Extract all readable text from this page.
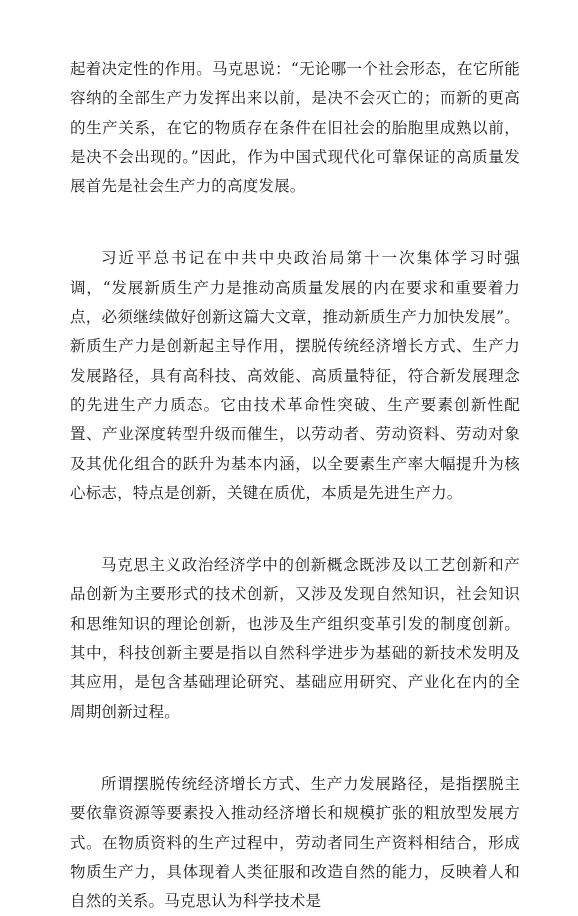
起着决定性的作用。马克思说：“无论哪一个社会形态，在它所能容纳的全部生产力发挥出来以前，是决不会灭亡的；而新的更高的生产关系，在它的物质存在条件在旧社会的胎胞里成熟以前，是决不会出现的。”因此，作为中国式现代化可靠保证的高质量发展首先是社会生产力的高度发展。

习近平总书记在中共中央政治局第十一次集体学习时强调，“发展新质生产力是推动高质量发展的内在要求和重要着力点，必须继续做好创新这篇大文章，推动新质生产力加快发展”。新质生产力是创新起主导作用，摆脱传统经济增长方式、生产力发展路径，具有高科技、高效能、高质量特征，符合新发展理念的先进生产力质态。它由技术革命性突破、生产要素创新性配置、产业深度转型升级而催生，以劳动者、劳动资料、劳动对象及其优化组合的跃升为基本内涵，以全要素生产率大幅提升为核心标志，特点是创新，关键在质优，本质是先进生产力。

马克思主义政治经济学中的创新概念既涉及以工艺创新和产品创新为主要形式的技术创新，又涉及发现自然知识，社会知识和思维知识的理论创新，也涉及生产组织变革引发的制度创新。其中，科技创新主要是指以自然科学进步为基础的新技术发明及其应用，是包含基础理论研究、基础应用研究、产业化在内的全周期创新过程。

所谓摆脱传统经济增长方式、生产力发展路径，是指摆脱主要依靠资源等要素投入推动经济增长和规模扩张的粗放型发展方式。在物质资料的生产过程中，劳动者同生产资料相结合，形成物质生产力，具体现着人类征服和改造自然的能力，反映着人和自然的关系。马克思认为科学技术是
